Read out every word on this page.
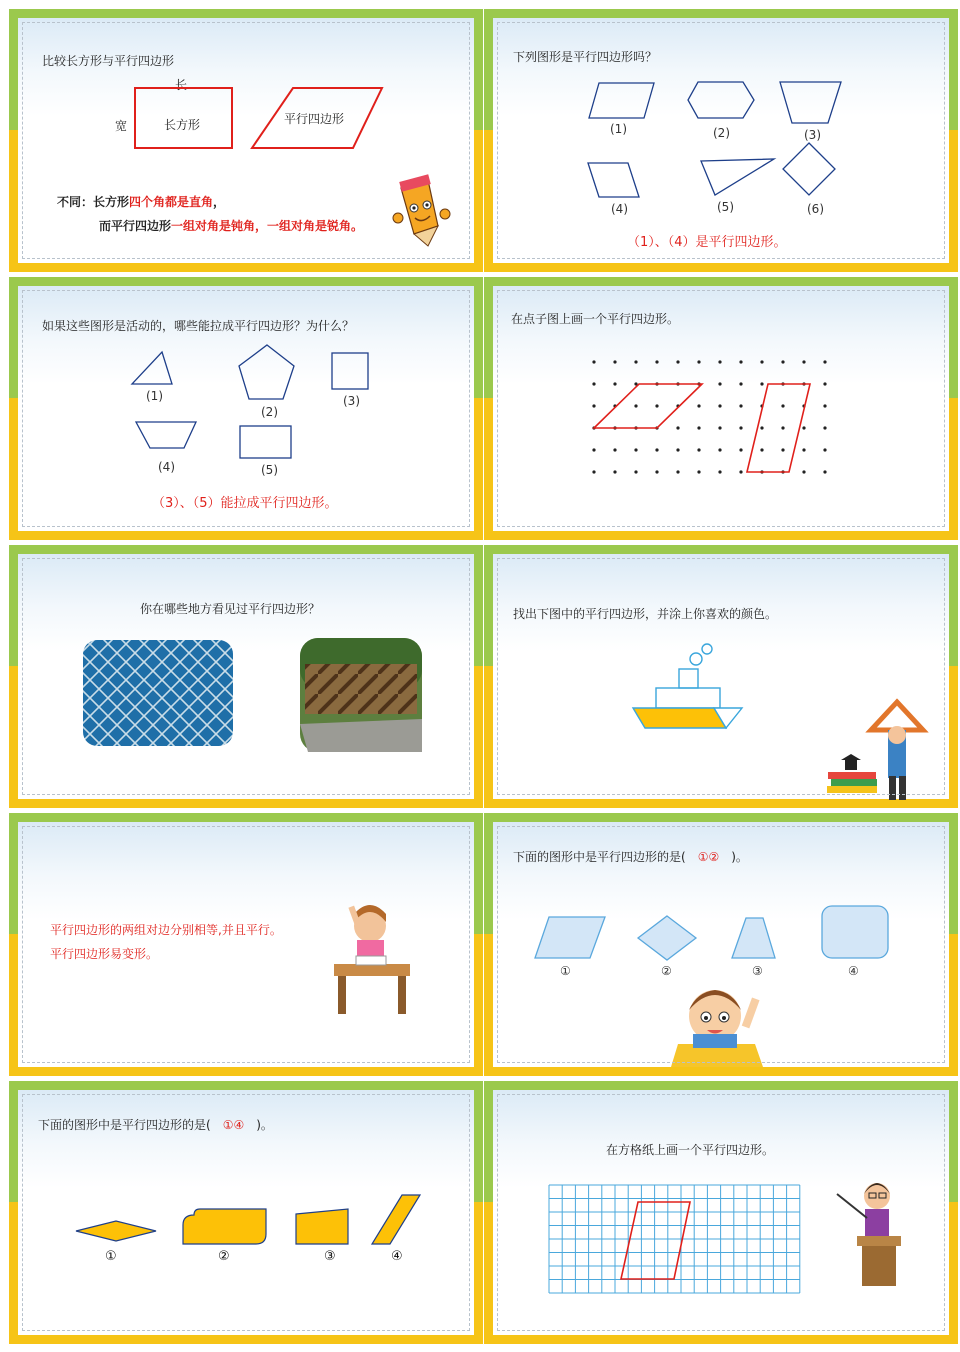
比较长方形与平行四边形
长
宽	长方形	平行四边形
不同：长方形四个角都是直角，
而平行四边形一组对角是钝角，一组对角是锐角。
下列图形是平行四边形吗？
(1)	(2)	(3)
(4)	(5)	(6)
（1）、（4）是平行四边形。
如果这些图形是活动的，哪些能拉成平行四边形？为什么？
(1)
(2)
(3)
(4)	(5)
（3）、（5）能拉成平行四边形。
在点子图上画一个平行四边形。
你在哪些地方看见过平行四边形？	找出下图中的平行四边形，并涂上你喜欢的颜色。
平行四边形的两组对边分别相等,并且平行。
平行四边形易变形。
下面的图形中是平行四边形的是( ①② )。
①	②	③	④
下面的图形中是平行四边形的是( ①④ )。
①	②	③	④
在方格纸上画一个平行四边形。
